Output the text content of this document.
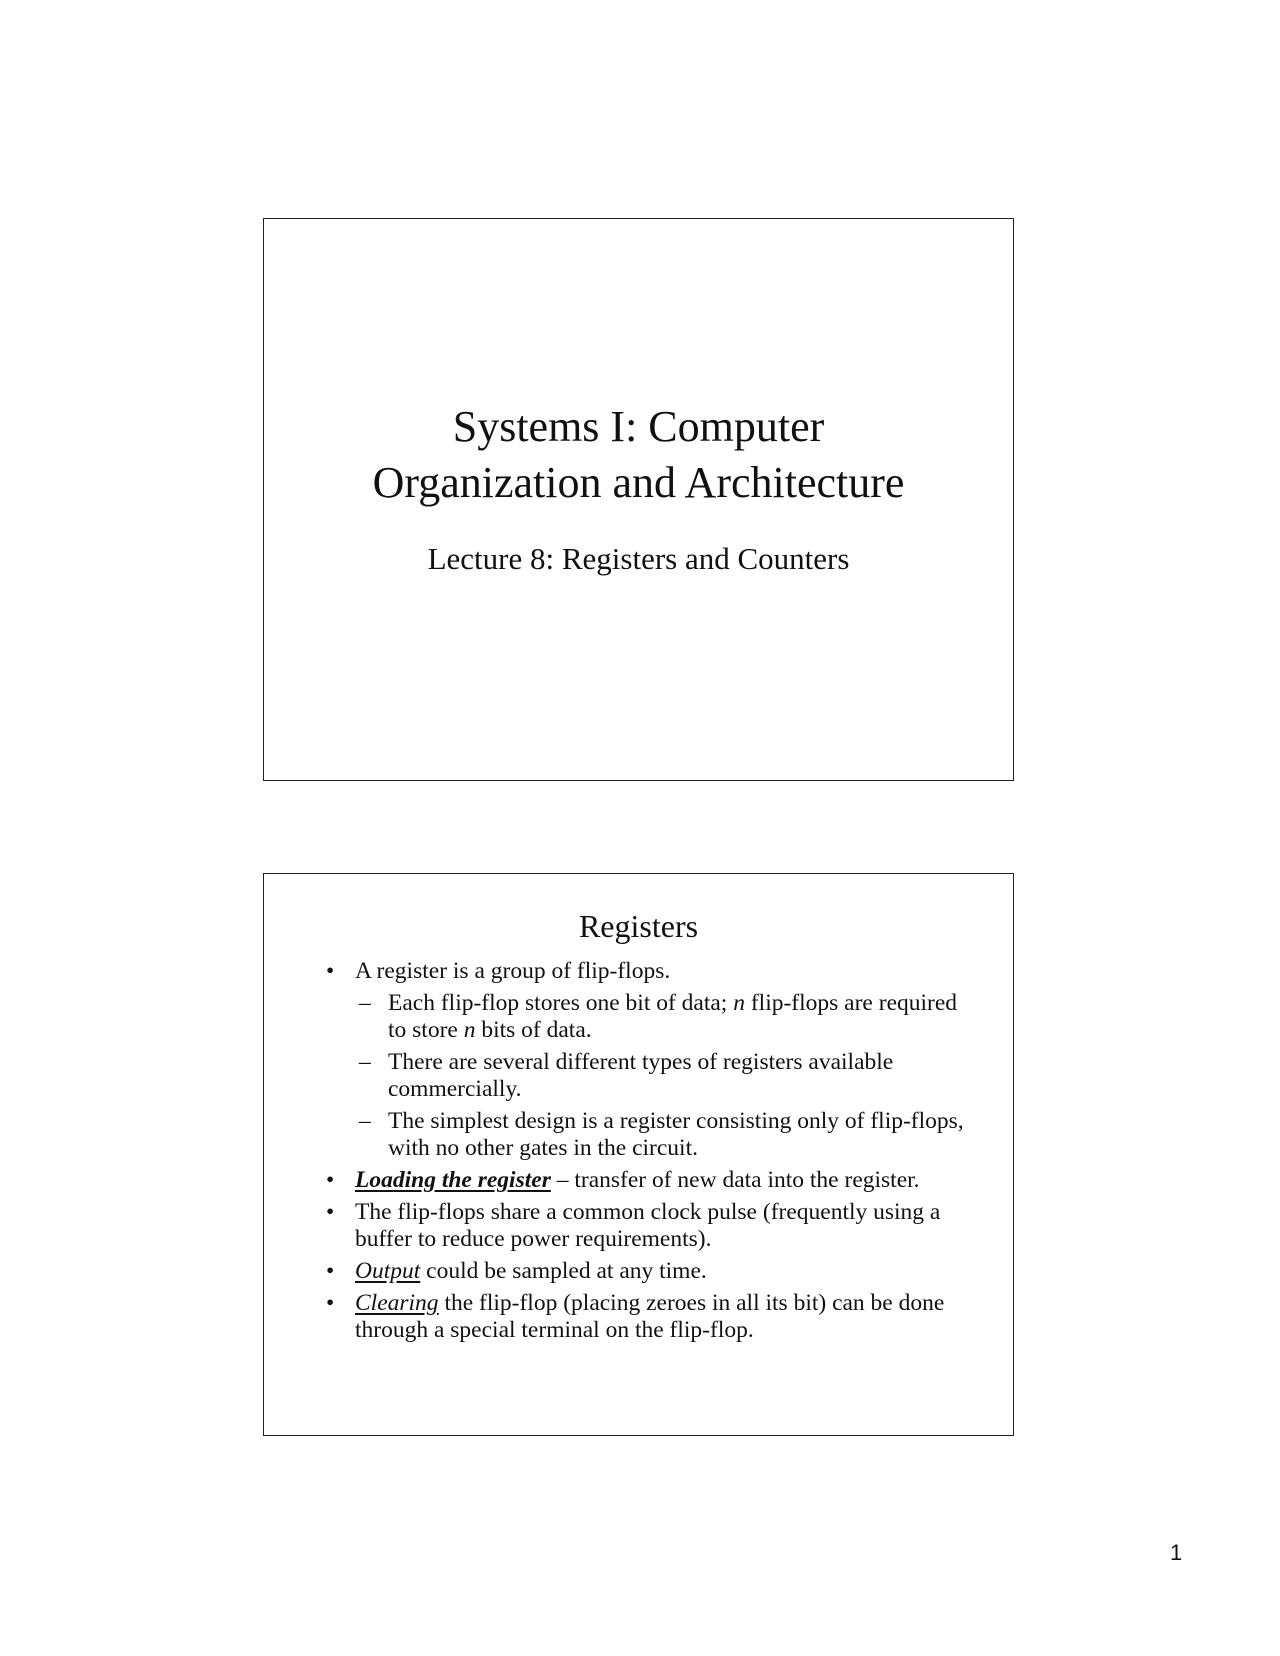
Systems I: Computer
Organization and Architecture
Lecture 8: Registers and Counters
Registers
• A register is a group of flip-flops.
– Each flip-flop stores one bit of data; n flip-flops are required to store n bits of data.
– There are several different types of registers available commercially.
– The simplest design is a register consisting only of flip-flops, with no other gates in the circuit.
• Loading the register – transfer of new data into the register.
• The flip-flops share a common clock pulse (frequently using a buffer to reduce power requirements).
• Output could be sampled at any time.
• Clearing the flip-flop (placing zeroes in all its bit) can be done through a special terminal on the flip-flop.
1
